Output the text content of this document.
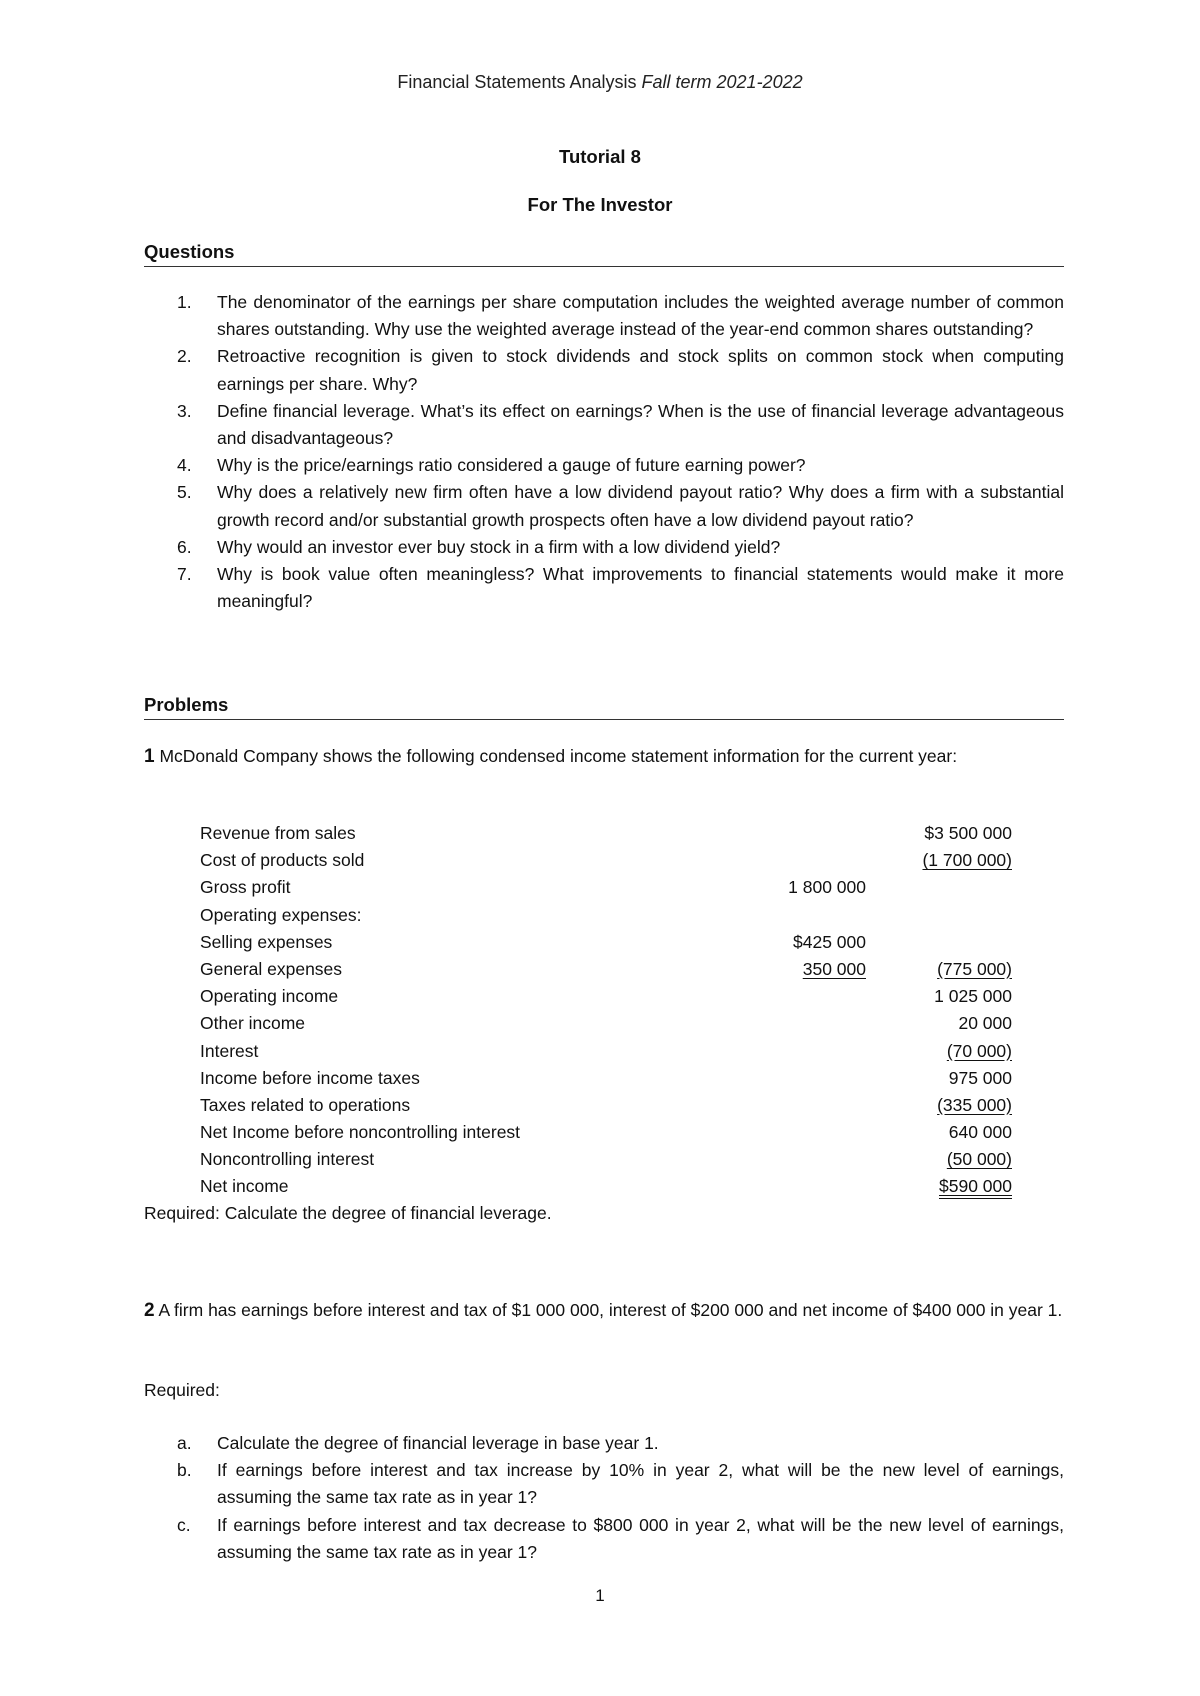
Financial Statements Analysis Fall term 2021-2022
Tutorial 8
For The Investor
Questions
1. The denominator of the earnings per share computation includes the weighted average number of common shares outstanding. Why use the weighted average instead of the year-end common shares outstanding?
2. Retroactive recognition is given to stock dividends and stock splits on common stock when computing earnings per share. Why?
3. Define financial leverage. What’s its effect on earnings? When is the use of financial leverage advantageous and disadvantageous?
4. Why is the price/earnings ratio considered a gauge of future earning power?
5. Why does a relatively new firm often have a low dividend payout ratio? Why does a firm with a substantial growth record and/or substantial growth prospects often have a low dividend payout ratio?
6. Why would an investor ever buy stock in a firm with a low dividend yield?
7. Why is book value often meaningless? What improvements to financial statements would make it more meaningful?
Problems
1 McDonald Company shows the following condensed income statement information for the current year:
Revenue from sales	$3 500 000
Cost of products sold	(1 700 000)
Gross profit	1 800 000
Operating expenses:
Selling expenses	$425 000
General expenses	350 000	(775 000)
Operating income	1 025 000
Other income	20 000
Interest	(70 000)
Income before income taxes	975 000
Taxes related to operations	(335 000)
Net Income before noncontrolling interest	640 000
Noncontrolling interest	(50 000)
Net income	$590 000
Required: Calculate the degree of financial leverage.
2 A firm has earnings before interest and tax of $1 000 000, interest of $200 000 and net income of $400 000 in year 1.
Required:
a. Calculate the degree of financial leverage in base year 1.
b. If earnings before interest and tax increase by 10% in year 2, what will be the new level of earnings, assuming the same tax rate as in year 1?
c. If earnings before interest and tax decrease to $800 000 in year 2, what will be the new level of earnings, assuming the same tax rate as in year 1?
1
